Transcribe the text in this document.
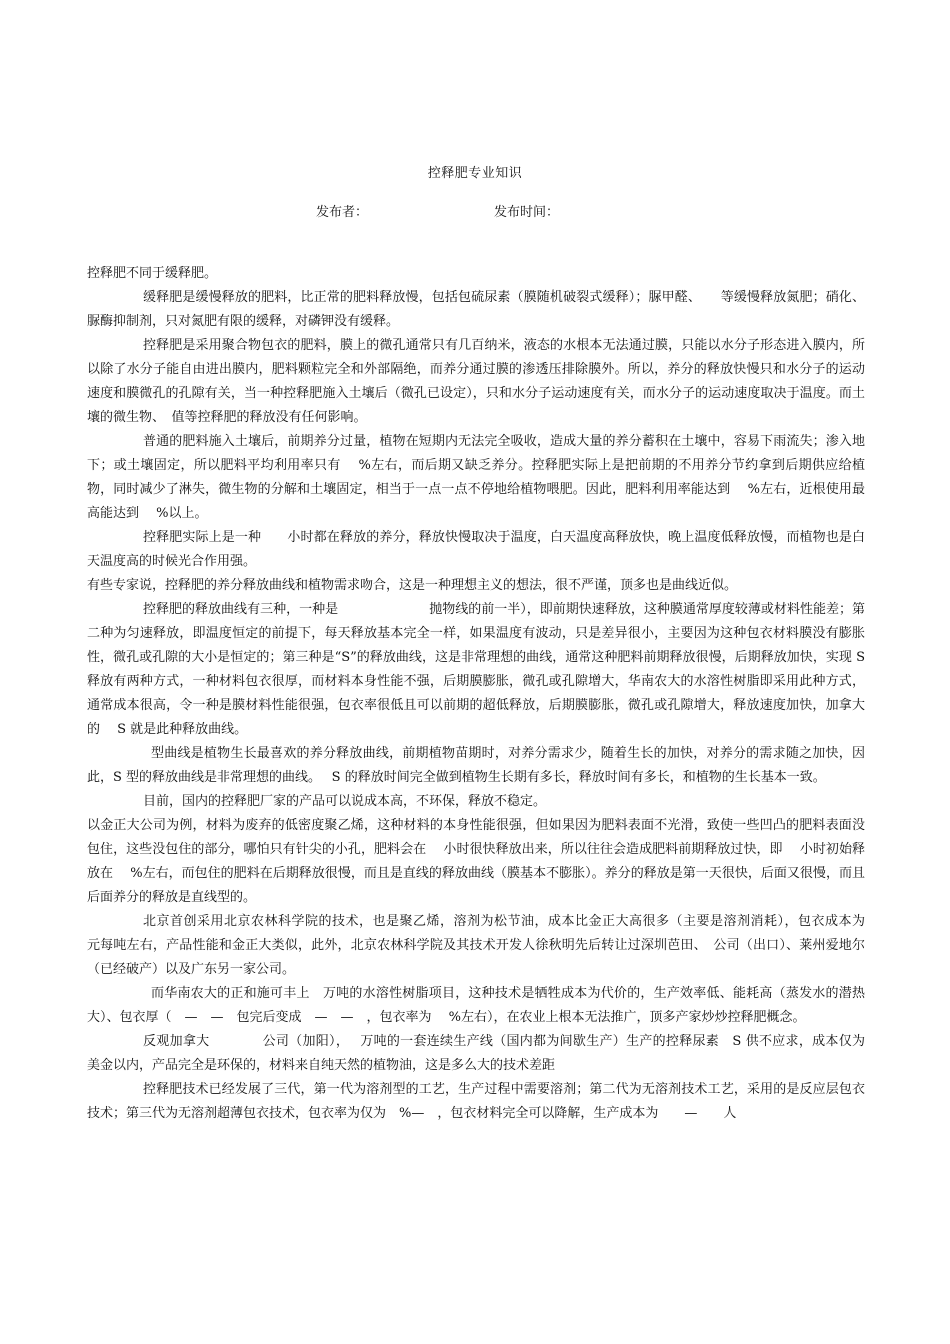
控释肥专业知识
发布者：	发布时间：

控释肥不同于缓释肥。

缓释肥是缓慢释放的肥料，比正常的肥料释放慢，包括包硫尿素（膜随机破裂式缓释）；脲甲醛、　　等缓慢释放氮肥；硝化、脲酶抑制剂，只对氮肥有限的缓释，对磷钾没有缓释。

控释肥是采用聚合物包衣的肥料，膜上的微孔通常只有几百纳米，液态的水根本无法通过膜，只能以水分子形态进入膜内，所以除了水分子能自由进出膜内，肥料颗粒完全和外部隔绝，而养分通过膜的渗透压排除膜外。所以，养分的释放快慢只和水分子的运动速度和膜微孔的孔隙有关，当一种控释肥施入土壤后（微孔已设定），只和水分子运动速度有关，而水分子的运动速度取决于温度。而土壤的微生物、　值等控释肥的释放没有任何影响。

普通的肥料施入土壤后，前期养分过量，植物在短期内无法完全吸收，造成大量的养分蓄积在土壤中，容易下雨流失；渗入地下；或土壤固定，所以肥料平均利用率只有　 %左右，而后期又缺乏养分。控释肥实际上是把前期的不用养分节约拿到后期供应给植物，同时减少了淋失，微生物的分解和土壤固定，相当于一点一点不停地给植物喂肥。因此，肥料利用率能达到　 %左右，近根使用最高能达到　 %以上。

控释肥实际上是一种　　小时都在释放的养分，释放快慢取决于温度，白天温度高释放快，晚上温度低释放慢，而植物也是白天温度高的时候光合作用强。

有些专家说，控释肥的养分释放曲线和植物需求吻合，这是一种理想主义的想法，很不严谨，顶多也是曲线近似。

控释肥的释放曲线有三种，一种是　　　　　　　抛物线的前一半），即前期快速释放，这种膜通常厚度较薄或材料性能差；第二种为匀速释放，即温度恒定的前提下，每天释放基本完全一样，如果温度有波动，只是差异很小，主要因为这种包衣材料膜没有膨胀性，微孔或孔隙的大小是恒定的；第三种是“S”的释放曲线，这是非常理想的曲线，通常这种肥料前期释放很慢，后期释放加快，实现 S 释放有两种方式，一种材料包衣很厚，而材料本身性能不强，后期膜膨胀，微孔或孔隙增大，华南农大的水溶性树脂即采用此种方式，通常成本很高，令一种是膜材料性能很强，包衣率很低且可以前期的超低释放，后期膜膨胀，微孔或孔隙增大，释放速度加快，加拿大　　　　的　 S 就是此种释放曲线。

型曲线是植物生长最喜欢的养分释放曲线，前期植物苗期时，对养分需求少，随着生长的加快，对养分的需求随之加快，因此，S 型的释放曲线是非常理想的曲线。　 S 的释放时间完全做到植物生长期有多长，释放时间有多长，和植物的生长基本一致。

目前，国内的控释肥厂家的产品可以说成本高，不环保，释放不稳定。

以金正大公司为例，材料为废弃的低密度聚乙烯，这种材料的本身性能很强，但如果因为肥料表面不光滑，致使一些凹凸的肥料表面没包住，这些没包住的部分，哪怕只有针尖的小孔，肥料会在　 小时很快释放出来，所以往往会造成肥料前期释放过快，即　 小时初始释放在　 %左右，而包住的肥料在后期释放很慢，而且是直线的释放曲线（膜基本不膨胀）。养分的释放是第一天很快，后面又很慢，而且后面养分的释放是直线型的。

北京首创采用北京农林科学院的技术，也是聚乙烯，溶剂为松节油，成本比金正大高很多（主要是溶剂消耗），包衣成本为　　元每吨左右，产品性能和金正大类似，此外，北京农林科学院及其技术开发人徐秋明先后转让过深圳芭田、　公司（出口）、莱州爱地尔（已经破产）以及广东另一家公司。

而华南农大的正和施可丰上　万吨的水溶性树脂项目，这种技术是牺牲成本为代价的，生产效率低、能耗高（蒸发水的潜热大）、包衣厚（　—　—　包完后变成　—　—　，包衣率为　 %左右），在农业上根本无法推广，顶多产家炒炒控释肥概念。

反观加拿大　　　　公司（加阳），　 万吨的一套连续生产线（国内都为间歇生产）生产的控释尿素　S 供不应求，成本仅为　　美金以内，产品完全是环保的，材料来自纯天然的植物油，这是多么大的技术差距

控释肥技术已经发展了三代，第一代为溶剂型的工艺，生产过程中需要溶剂；第二代为无溶剂技术工艺，采用的是反应层包衣技术；第三代为无溶剂超薄包衣技术，包衣率为仅为　%—　，包衣材料完全可以降解，生产成本为　　—　　人
